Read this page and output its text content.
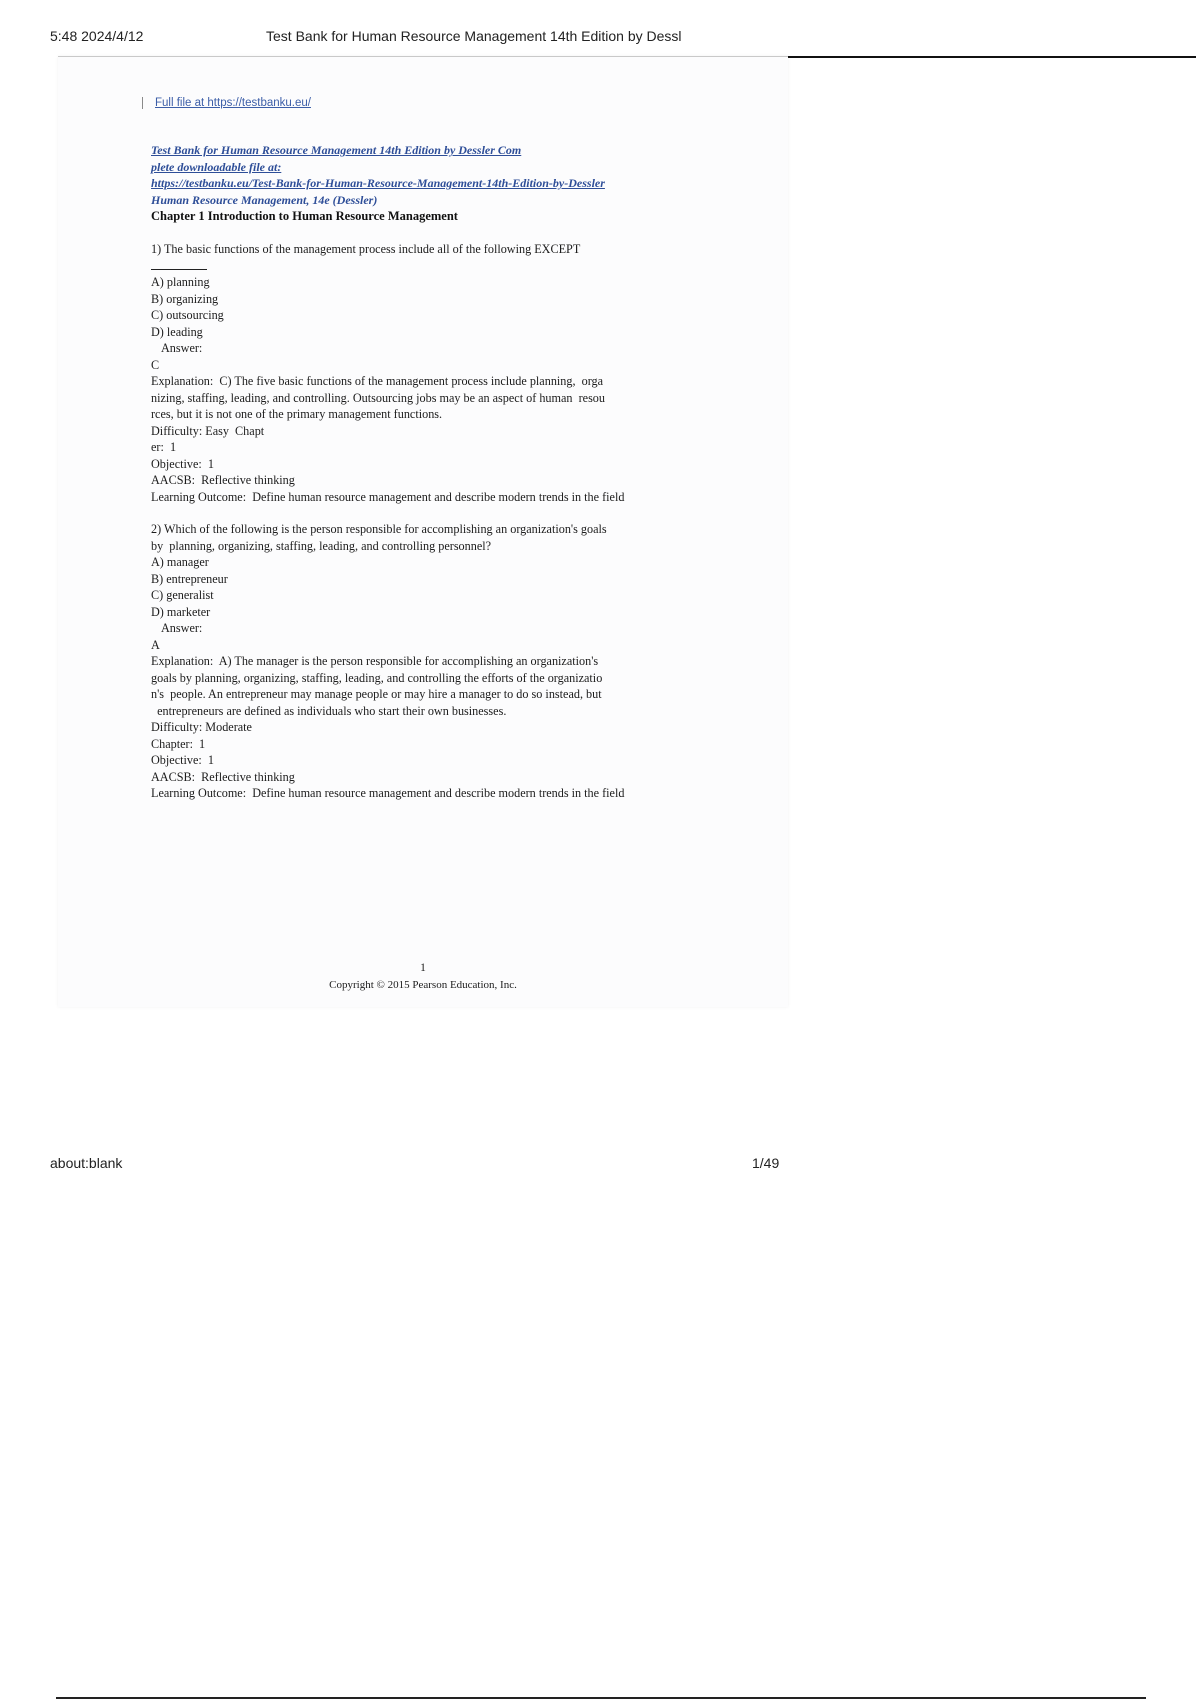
5:48 2024/4/12	Test Bank for Human Resource Management 14th Edition by Dessl
Full file at https://testbanku.eu/
Test Bank for Human Resource Management 14th Edition by Dessler Com
plete downloadable file at:
https://testbanku.eu/Test-Bank-for-Human-Resource-Management-14th-Edition-by-Dessler
Human Resource Management, 14e (Dessler)
Chapter 1 Introduction to Human Resource Management
1) The basic functions of the management process include all of the following EXCEPT
A) planning
B) organizing
C) outsourcing
D) leading
Answer:
C
Explanation:  C) The five basic functions of the management process include planning,  orga
nizing, staffing, leading, and controlling. Outsourcing jobs may be an aspect of human  resou
rces, but it is not one of the primary management functions.
Difficulty: Easy  Chapt
er:  1
Objective:  1
AACSB:  Reflective thinking
Learning Outcome:  Define human resource management and describe modern trends in the field
2) Which of the following is the person responsible for accomplishing an organization's goals
by  planning, organizing, staffing, leading, and controlling personnel?
A) manager
B) entrepreneur
C) generalist
D) marketer
Answer:
A
Explanation:  A) The manager is the person responsible for accomplishing an organization's
goals by planning, organizing, staffing, leading, and controlling the efforts of the organizatio
n's  people. An entrepreneur may manage people or may hire a manager to do so instead, but
entrepreneurs are defined as individuals who start their own businesses.
Difficulty: Moderate
Chapter:  1
Objective:  1
AACSB:  Reflective thinking
Learning Outcome:  Define human resource management and describe modern trends in the field
1
Copyright © 2015 Pearson Education, Inc.
about:blank	1/49
